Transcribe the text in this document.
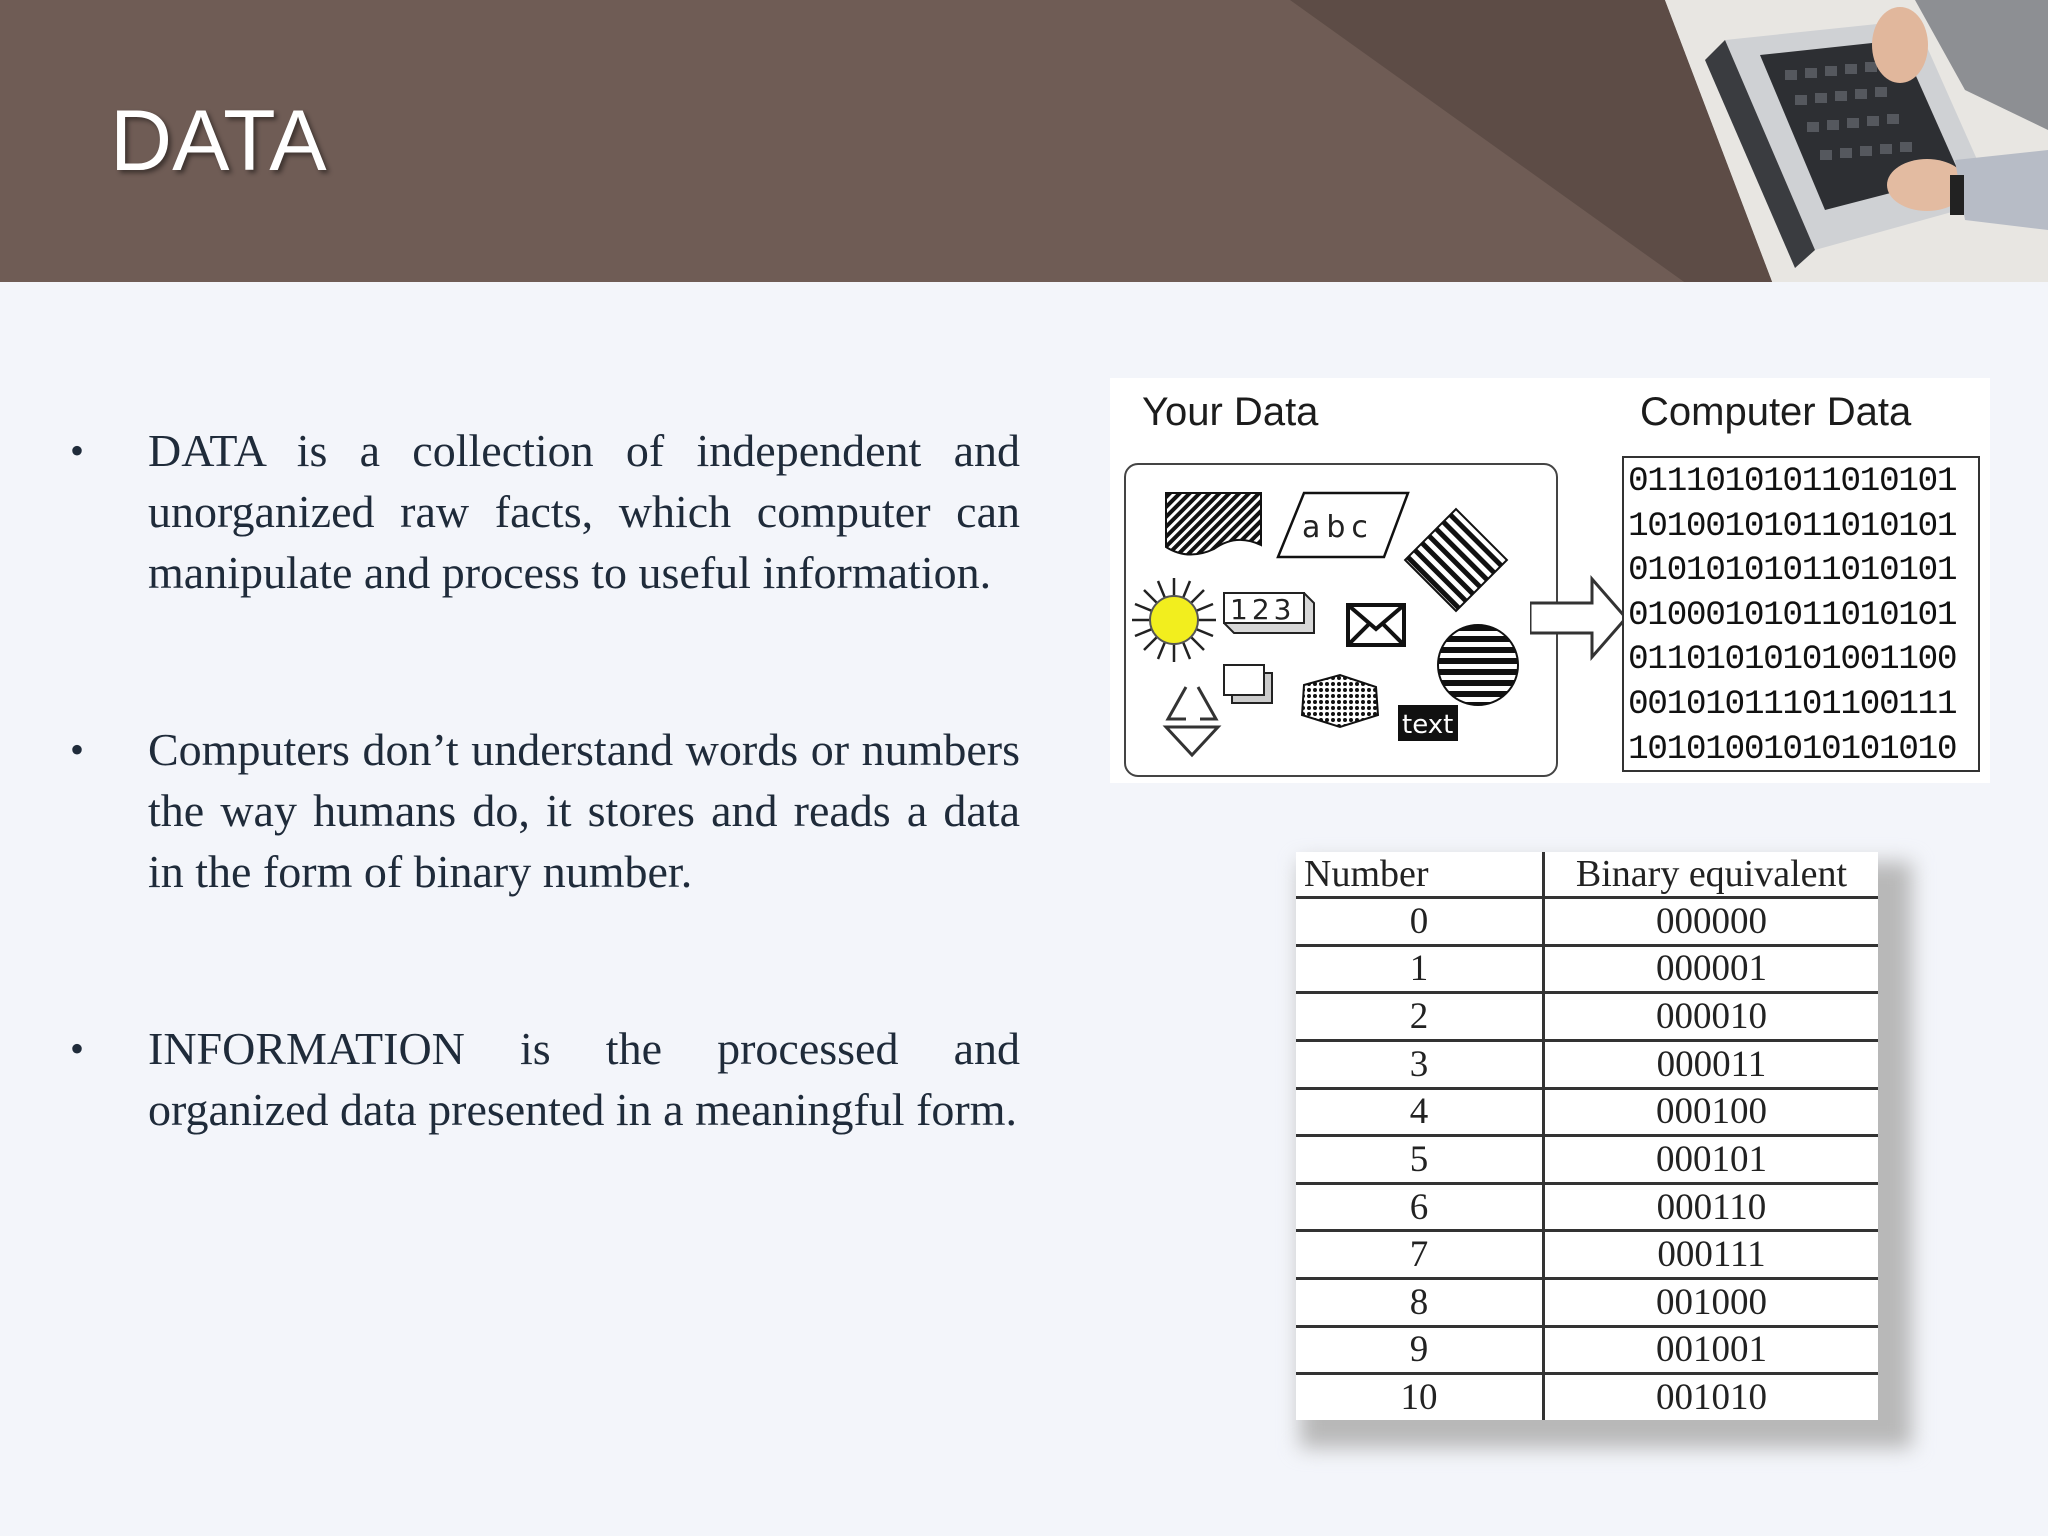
DATA
• DATA is a collection of independent and unorganized raw facts, which computer can manipulate and process to useful information.
• Computers don’t understand words or numbers the way humans do, it stores and reads a data in the form of binary number.
• INFORMATION is the processed and organized data presented in a meaningful form.
Your Data	Computer Data
abc
123
text
01110101011010101
10100101011010101
01010101011010101
01000101011010101
01101010101001100
00101011101100111
10101001010101010
Number	Binary equivalent
0	000000
1	000001
2	000010
3	000011
4	000100
5	000101
6	000110
7	000111
8	001000
9	001001
10	001010
